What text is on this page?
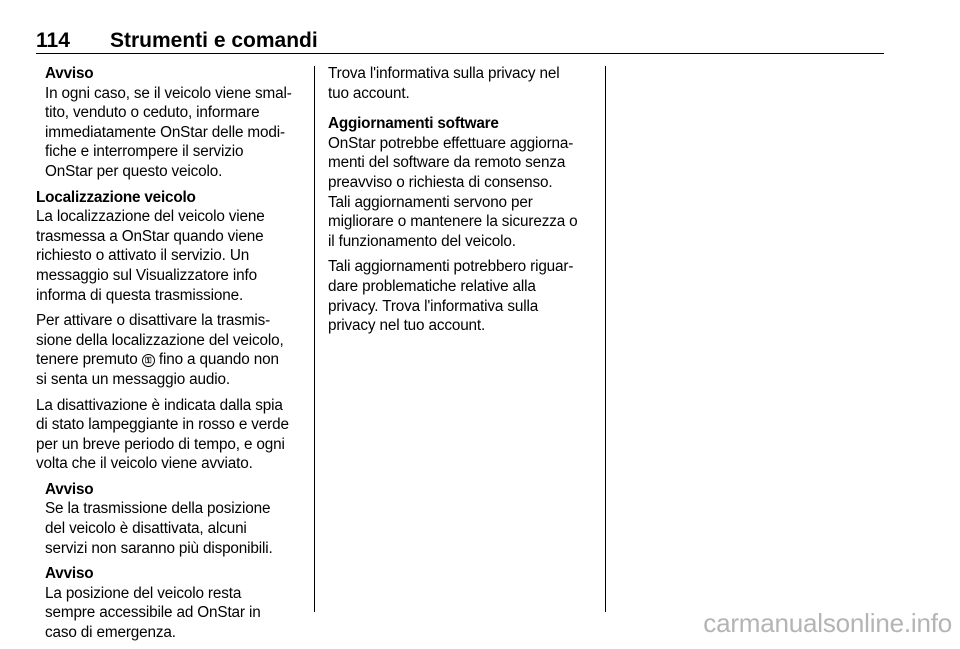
114 Strumenti e comandi
Avviso
In ogni caso, se il veicolo viene smal-
tito, venduto o ceduto, informare
immediatamente OnStar delle modi-
fiche e interrompere il servizio
OnStar per questo veicolo.
Localizzazione veicolo
La localizzazione del veicolo viene
trasmessa a OnStar quando viene
richiesto o attivato il servizio. Un
messaggio sul Visualizzatore info
informa di questa trasmissione.
Per attivare o disattivare la trasmis-
sione della localizzazione del veicolo,
tenere premuto ⚿ fino a quando non
si senta un messaggio audio.
La disattivazione è indicata dalla spia
di stato lampeggiante in rosso e verde
per un breve periodo di tempo, e ogni
volta che il veicolo viene avviato.
Avviso
Se la trasmissione della posizione
del veicolo è disattivata, alcuni
servizi non saranno più disponibili.
Avviso
La posizione del veicolo resta
sempre accessibile ad OnStar in
caso di emergenza.
Trova l'informativa sulla privacy nel
tuo account.
Aggiornamenti software
OnStar potrebbe effettuare aggiorna-
menti del software da remoto senza
preavviso o richiesta di consenso.
Tali aggiornamenti servono per
migliorare o mantenere la sicurezza o
il funzionamento del veicolo.
Tali aggiornamenti potrebbero riguar-
dare problematiche relative alla
privacy. Trova l'informativa sulla
privacy nel tuo account.
carmanualsonline.info
